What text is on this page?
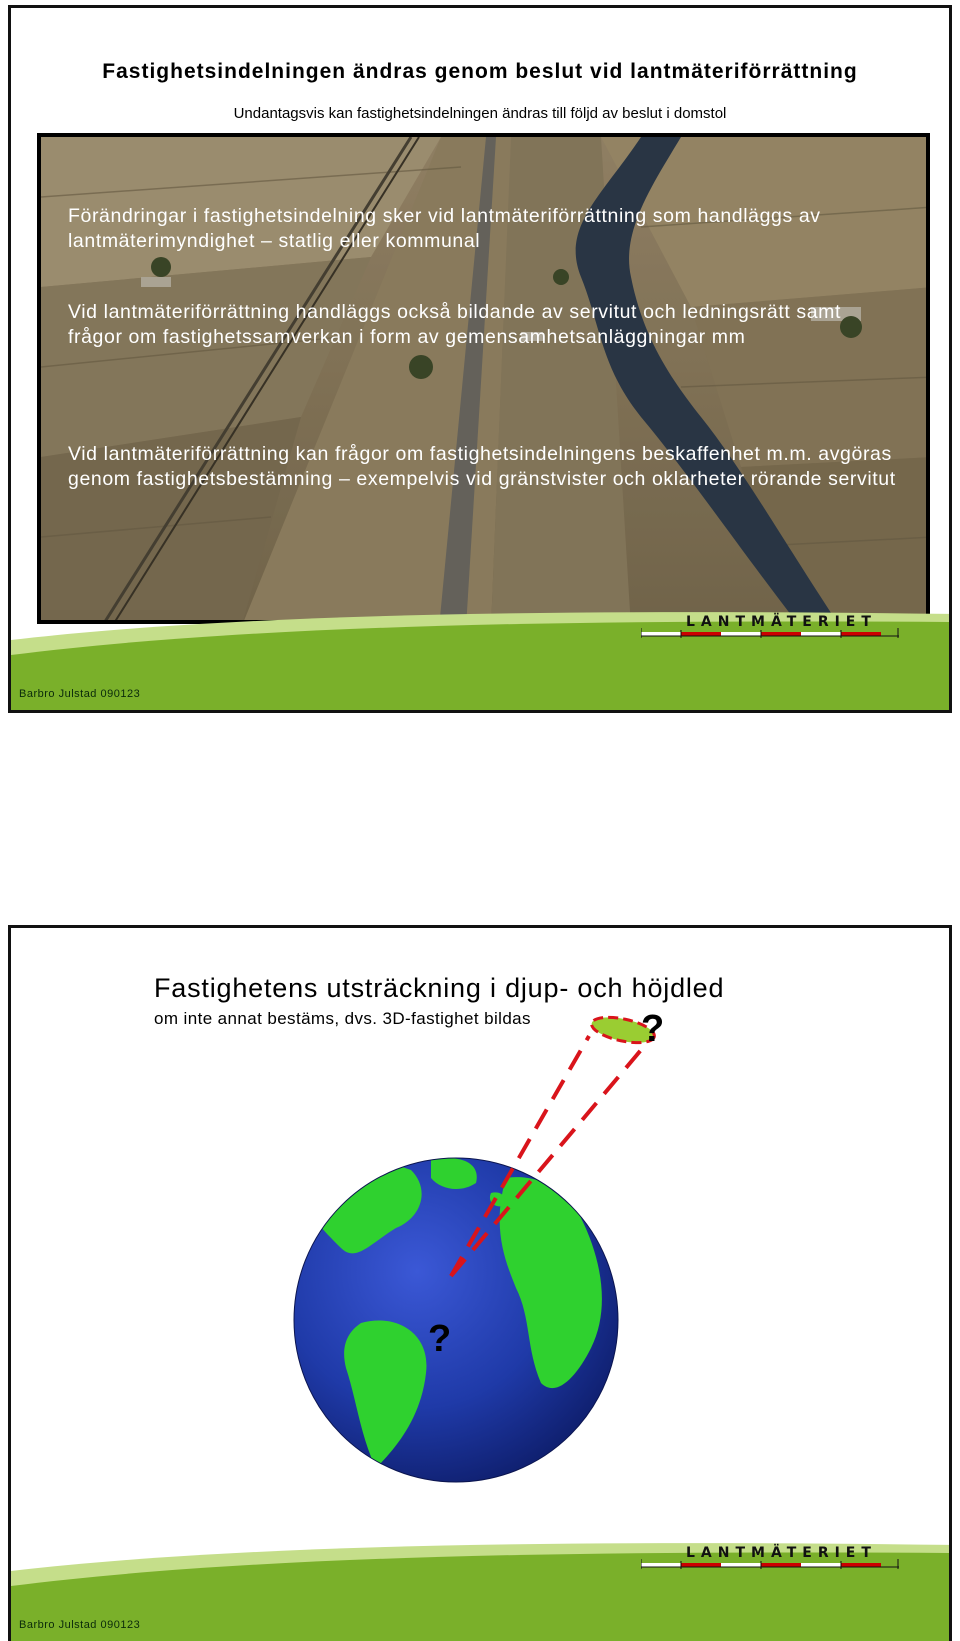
Fastighetsindelningen ändras genom beslut vid lantmäteriförrättning
Undantagsvis kan fastighetsindelningen ändras till följd av beslut i domstol
Förändringar i fastighetsindelning sker vid lantmäteriförrättning som handläggs av lantmäterimyndighet – statlig eller kommunal
Vid lantmäteriförrättning handläggs också bildande av servitut och ledningsrätt samt frågor om fastighetssamverkan i form av gemensamhetsanläggningar mm
Vid lantmäteriförrättning kan frågor om fastighetsindelningens beskaffenhet m.m. avgöras genom fastighetsbestämning – exempelvis vid gränstvister och oklarheter rörande servitut
LANTMÄTERIET
Barbro Julstad 090123
Fastighetens utsträckning i djup- och höjdled
om inte annat bestäms, dvs. 3D-fastighet bildas	?
?
LANTMÄTERIET
Barbro Julstad 090123
